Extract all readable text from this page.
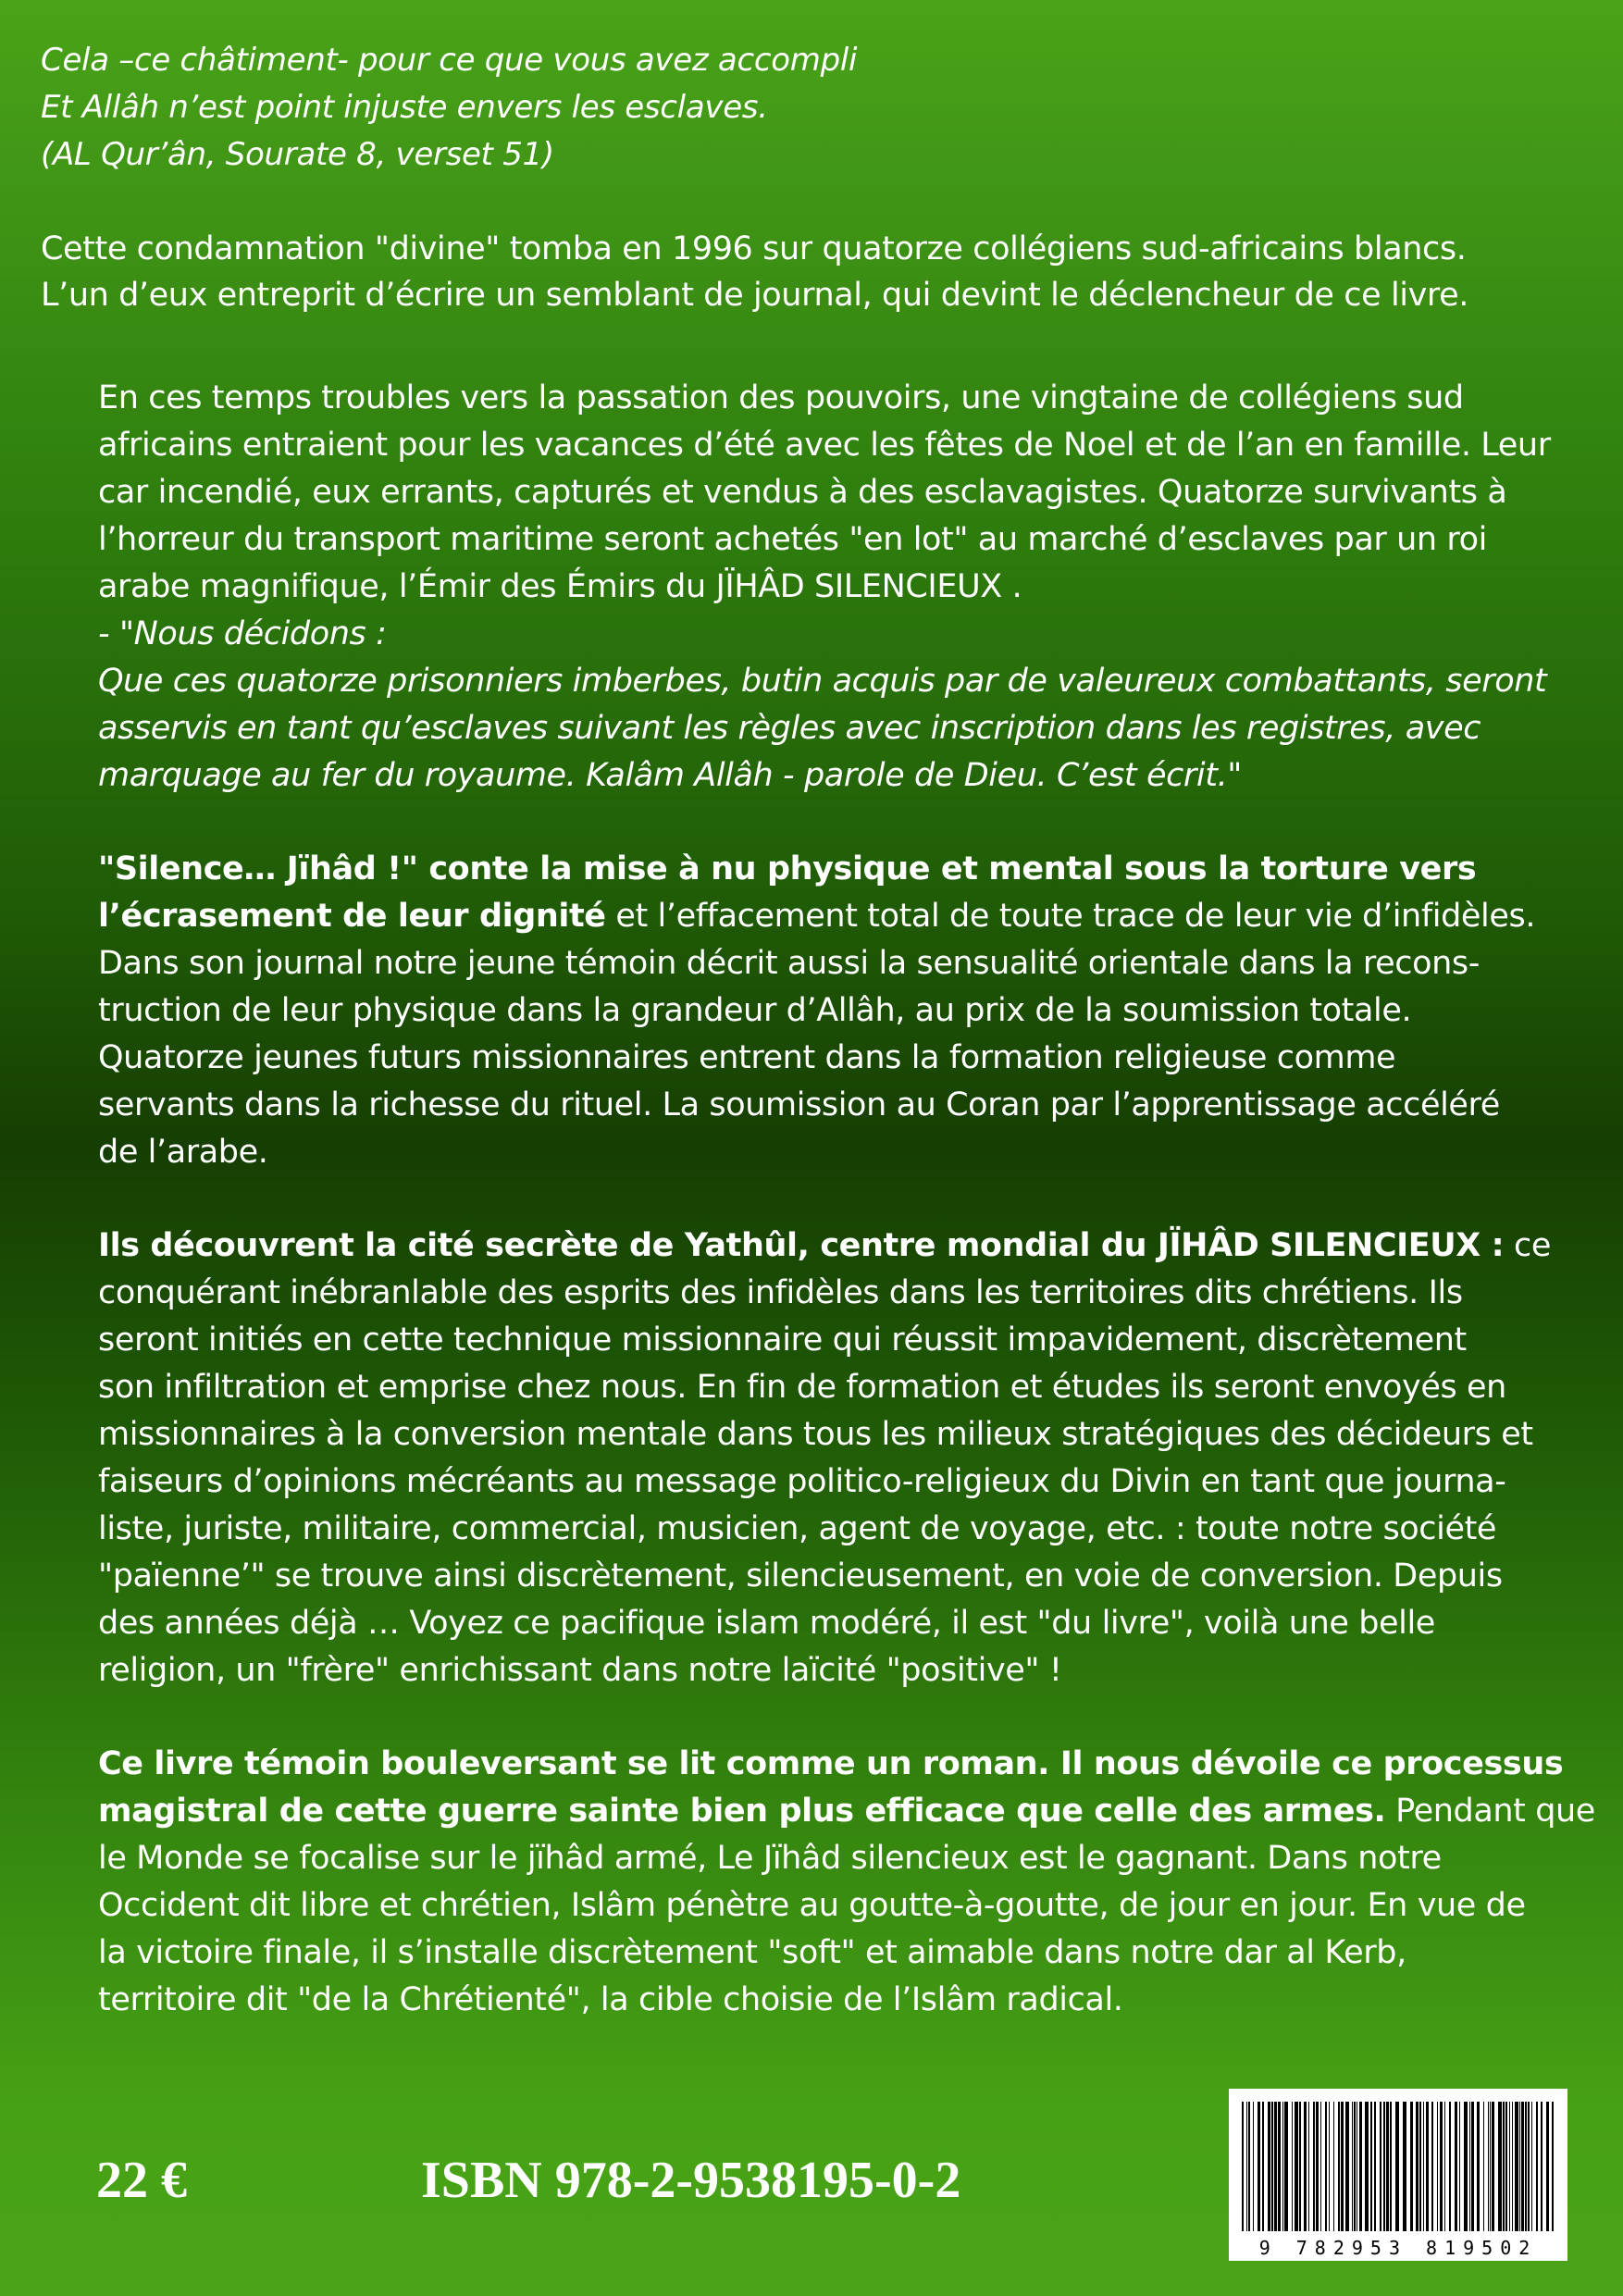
Cela –ce châtiment- pour ce que vous avez accompli
Et Allâh n’est point injuste envers les esclaves.
(AL Qur’ân, Sourate 8, verset 51)
Cette condamnation "divine" tomba en 1996 sur quatorze collégiens sud-africains blancs.
L’un d’eux entreprit d’écrire un semblant de journal, qui devint le déclencheur de ce livre.

En ces temps troubles vers la passation des pouvoirs, une vingtaine de collégiens sud
africains entraient pour les vacances d’été avec les fêtes de Noel et de l’an en famille. Leur
car incendié, eux errants, capturés et vendus à des esclavagistes. Quatorze survivants à
l’horreur du transport maritime seront achetés "en lot" au marché d’esclaves par un roi
arabe magnifique, l’Émir des Émirs du JÏHÂD SILENCIEUX .
- "Nous décidons :
Que ces quatorze prisonniers imberbes, butin acquis par de valeureux combattants, seront
asservis en tant qu’esclaves suivant les règles avec inscription dans les registres, avec
marquage au fer du royaume. Kalâm Allâh - parole de Dieu. C’est écrit."

"Silence… Jïhâd !" conte la mise à nu physique et mental sous la torture vers
l’écrasement de leur dignité et l’effacement total de toute trace de leur vie d’infidèles.
Dans son journal notre jeune témoin décrit aussi la sensualité orientale dans la recons-
truction de leur physique dans la grandeur d’Allâh, au prix de la soumission totale.
Quatorze jeunes futurs missionnaires entrent dans la formation religieuse comme
servants dans la richesse du rituel. La soumission au Coran par l’apprentissage accéléré
de l’arabe.

Ils découvrent la cité secrète de Yathûl, centre mondial du JÏHÂD SILENCIEUX : ce
conquérant inébranlable des esprits des infidèles dans les territoires dits chrétiens. Ils
seront initiés en cette technique missionnaire qui réussit impavidement, discrètement
son infiltration et emprise chez nous. En fin de formation et études ils seront envoyés en
missionnaires à la conversion mentale dans tous les milieux stratégiques des décideurs et
faiseurs d’opinions mécréants au message politico-religieux du Divin en tant que journa-
liste, juriste, militaire, commercial, musicien, agent de voyage, etc. : toute notre société
"païenne’" se trouve ainsi discrètement, silencieusement, en voie de conversion. Depuis
des années déjà … Voyez ce pacifique islam modéré, il est "du livre", voilà une belle
religion, un "frère" enrichissant dans notre laïcité "positive" !

Ce livre témoin bouleversant se lit comme un roman. Il nous dévoile ce processus
magistral de cette guerre sainte bien plus efficace que celle des armes. Pendant que
le Monde se focalise sur le jïhâd armé, Le Jïhâd silencieux est le gagnant. Dans notre
Occident dit libre et chrétien, Islâm pénètre au goutte-à-goutte, de jour en jour. En vue de
la victoire finale, il s’installe discrètement "soft" et aimable dans notre dar al Kerb,
territoire dit "de la Chrétienté", la cible choisie de l’Islâm radical.

22 €	ISBN 978-2-9538195-0-2
9 782953 819502
